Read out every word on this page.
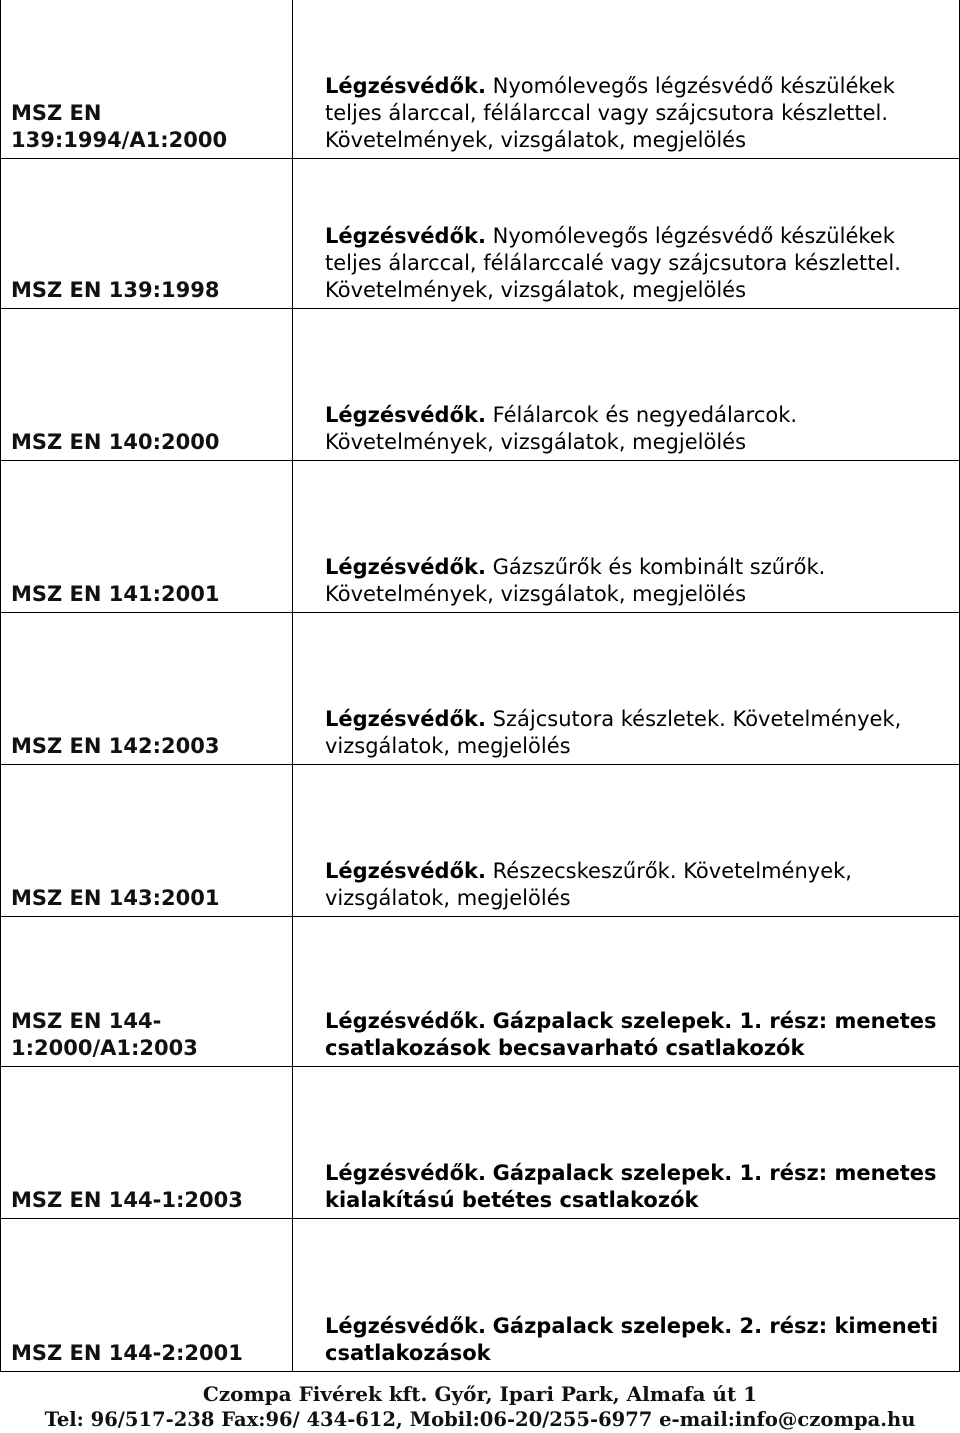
MSZ EN 139:1994/A1:2000	Légzésvédők. Nyomólevegős légzésvédő készülékek teljes álarccal, félálarccal vagy szájcsutora készlettel. Követelmények, vizsgálatok, megjelölés
MSZ EN 139:1998	Légzésvédők. Nyomólevegős légzésvédő készülékek teljes álarccal, félálarccalé vagy szájcsutora készlettel. Követelmények, vizsgálatok, megjelölés
MSZ EN 140:2000	Légzésvédők. Félálarcok és negyedálarcok. Követelmények, vizsgálatok, megjelölés
MSZ EN 141:2001	Légzésvédők. Gázszűrők és kombinált szűrők. Követelmények, vizsgálatok, megjelölés
MSZ EN 142:2003	Légzésvédők. Szájcsutora készletek. Követelmények, vizsgálatok, megjelölés
MSZ EN 143:2001	Légzésvédők. Részecskeszűrők. Követelmények, vizsgálatok, megjelölés
MSZ EN 144-1:2000/A1:2003	Légzésvédők. Gázpalack szelepek. 1. rész: menetes csatlakozások becsavarható csatlakozók
MSZ EN 144-1:2003	Légzésvédők. Gázpalack szelepek. 1. rész: menetes kialakítású betétes csatlakozók
MSZ EN 144-2:2001	Légzésvédők. Gázpalack szelepek. 2. rész: kimeneti csatlakozások
Czompa Fivérek kft. Győr, Ipari Park, Almafa út 1
Tel: 96/517-238 Fax:96/ 434-612, Mobil:06-20/255-6977 e-mail:info@czompa.hu
